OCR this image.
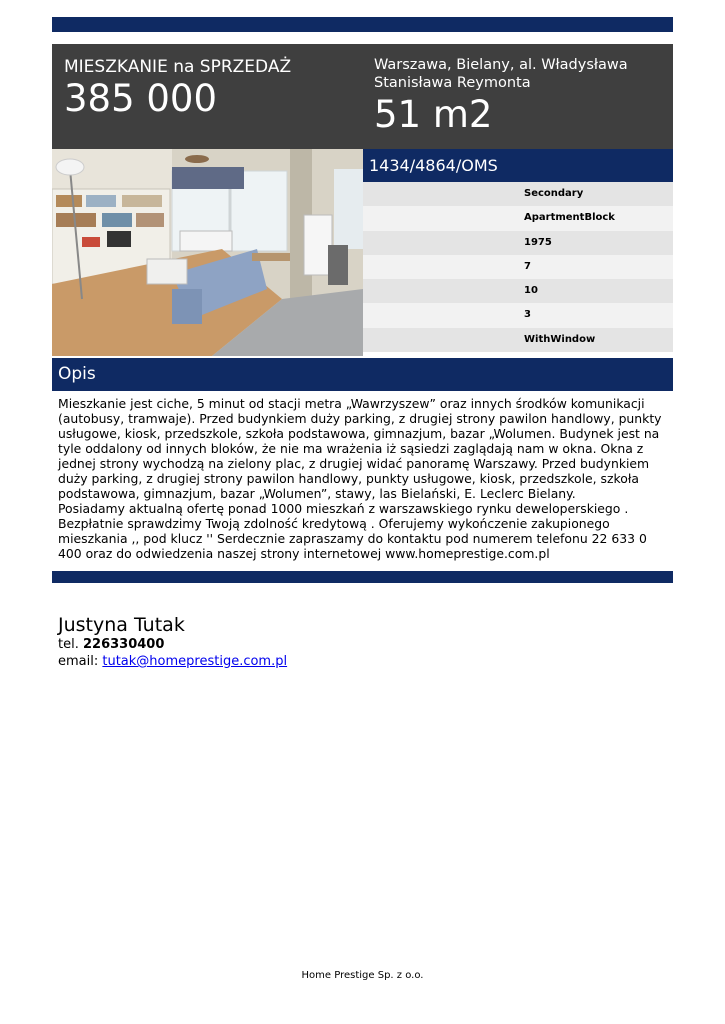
MIESZKANIE na SPRZEDAŻ
385 000
Warszawa, Bielany, al. Władysława Stanisława Reymonta
51 m2
1434/4864/OMS
Secondary
ApartmentBlock
1975
7
10
3
WithWindow
Opis
Mieszkanie jest ciche, 5 minut od stacji metra „Wawrzyszew” oraz innych środków komunikacji (autobusy, tramwaje). Przed budynkiem duży parking, z drugiej strony pawilon handlowy, punkty usługowe, kiosk, przedszkole, szkoła podstawowa, gimnazjum, bazar „Wolumen. Budynek jest na tyle oddalony od innych bloków, że nie ma wrażenia iż sąsiedzi zaglądają nam w okna. Okna z jednej strony wychodzą na zielony plac, z drugiej widać panoramę Warszawy. Przed budynkiem duży parking, z drugiej strony pawilon handlowy, punkty usługowe, kiosk, przedszkole, szkoła podstawowa, gimnazjum, bazar „Wolumen”, stawy, las Bielański, E. Leclerc Bielany.
Posiadamy aktualną ofertę ponad 1000 mieszkań z warszawskiego rynku deweloperskiego .
Bezpłatnie sprawdzimy Twoją zdolność kredytową . Oferujemy wykończenie zakupionego mieszkania ,, pod klucz '' Serdecznie zapraszamy do kontaktu pod numerem telefonu 22 633 0 400 oraz do odwiedzenia naszej strony internetowej www.homeprestige.com.pl
Justyna Tutak
tel. 226330400
email: tutak@homeprestige.com.pl
Home Prestige Sp. z o.o.
